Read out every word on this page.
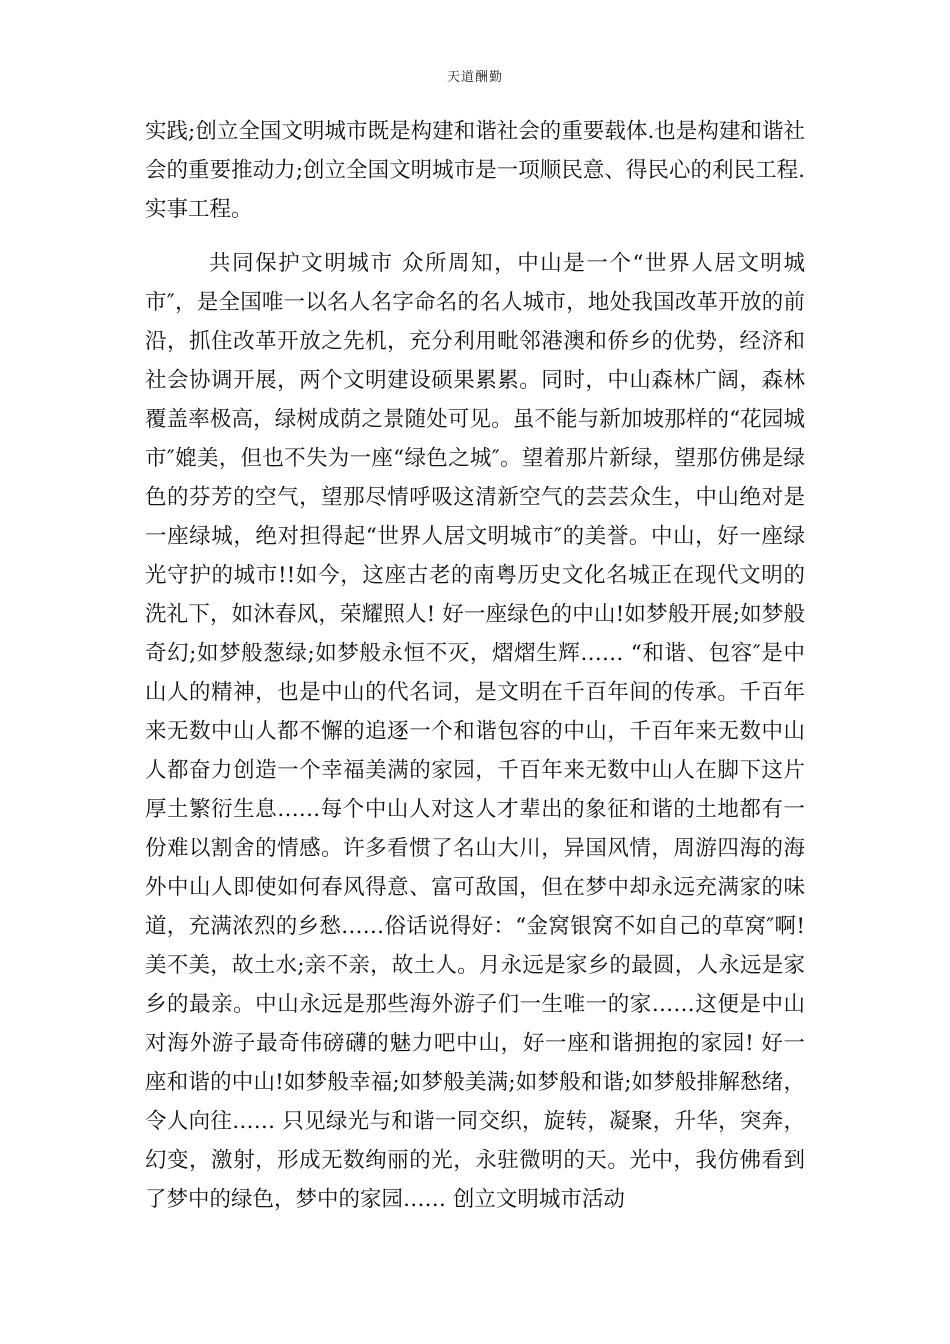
天道酬勤

实践;创立全国文明城市既是构建和谐社会的重要载体.也是构建和谐社会的重要推动力;创立全国文明城市是一项顺民意、得民心的利民工程.实事工程。

共同保护文明城市 众所周知，中山是一个“世界人居文明城市″，是全国唯一以名人名字命名的名人城市，地处我国改革开放的前沿，抓住改革开放之先机，充分利用毗邻港澳和侨乡的优势，经济和社会协调开展，两个文明建设硕果累累。同时，中山森林广阔，森林覆盖率极高，绿树成荫之景随处可见。虽不能与新加坡那样的“花园城市″媲美，但也不失为一座“绿色之城″。望着那片新绿，望那仿佛是绿色的芬芳的空气，望那尽情呼吸这清新空气的芸芸众生，中山绝对是一座绿城，绝对担得起“世界人居文明城市″的美誉。中山，好一座绿光守护的城市!!如今，这座古老的南粤历史文化名城正在现代文明的洗礼下，如沐春风，荣耀照人! 好一座绿色的中山!如梦般开展;如梦般奇幻;如梦般葱绿;如梦般永恒不灭，熠熠生辉…… “和谐、包容″是中山人的精神，也是中山的代名词，是文明在千百年间的传承。千百年来无数中山人都不懈的追逐一个和谐包容的中山，千百年来无数中山人都奋力创造一个幸福美满的家园，千百年来无数中山人在脚下这片厚土繁衍生息……每个中山人对这人才辈出的象征和谐的土地都有一份难以割舍的情感。许多看惯了名山大川，异国风情，周游四海的海外中山人即使如何春风得意、富可敌国，但在梦中却永远充满家的味道，充满浓烈的乡愁……俗话说得好：“金窝银窝不如自己的草窝″啊!美不美，故土水;亲不亲，故土人。月永远是家乡的最圆，人永远是家乡的最亲。中山永远是那些海外游子们一生唯一的家……这便是中山对海外游子最奇伟磅礴的魅力吧中山，好一座和谐拥抱的家园! 好一座和谐的中山!如梦般幸福;如梦般美满;如梦般和谐;如梦般排解愁绪，令人向往…… 只见绿光与和谐一同交织，旋转，凝聚，升华，突奔，幻变，激射，形成无数绚丽的光，永驻微明的天。光中，我仿佛看到了梦中的绿色，梦中的家园…… 创立文明城市活动
